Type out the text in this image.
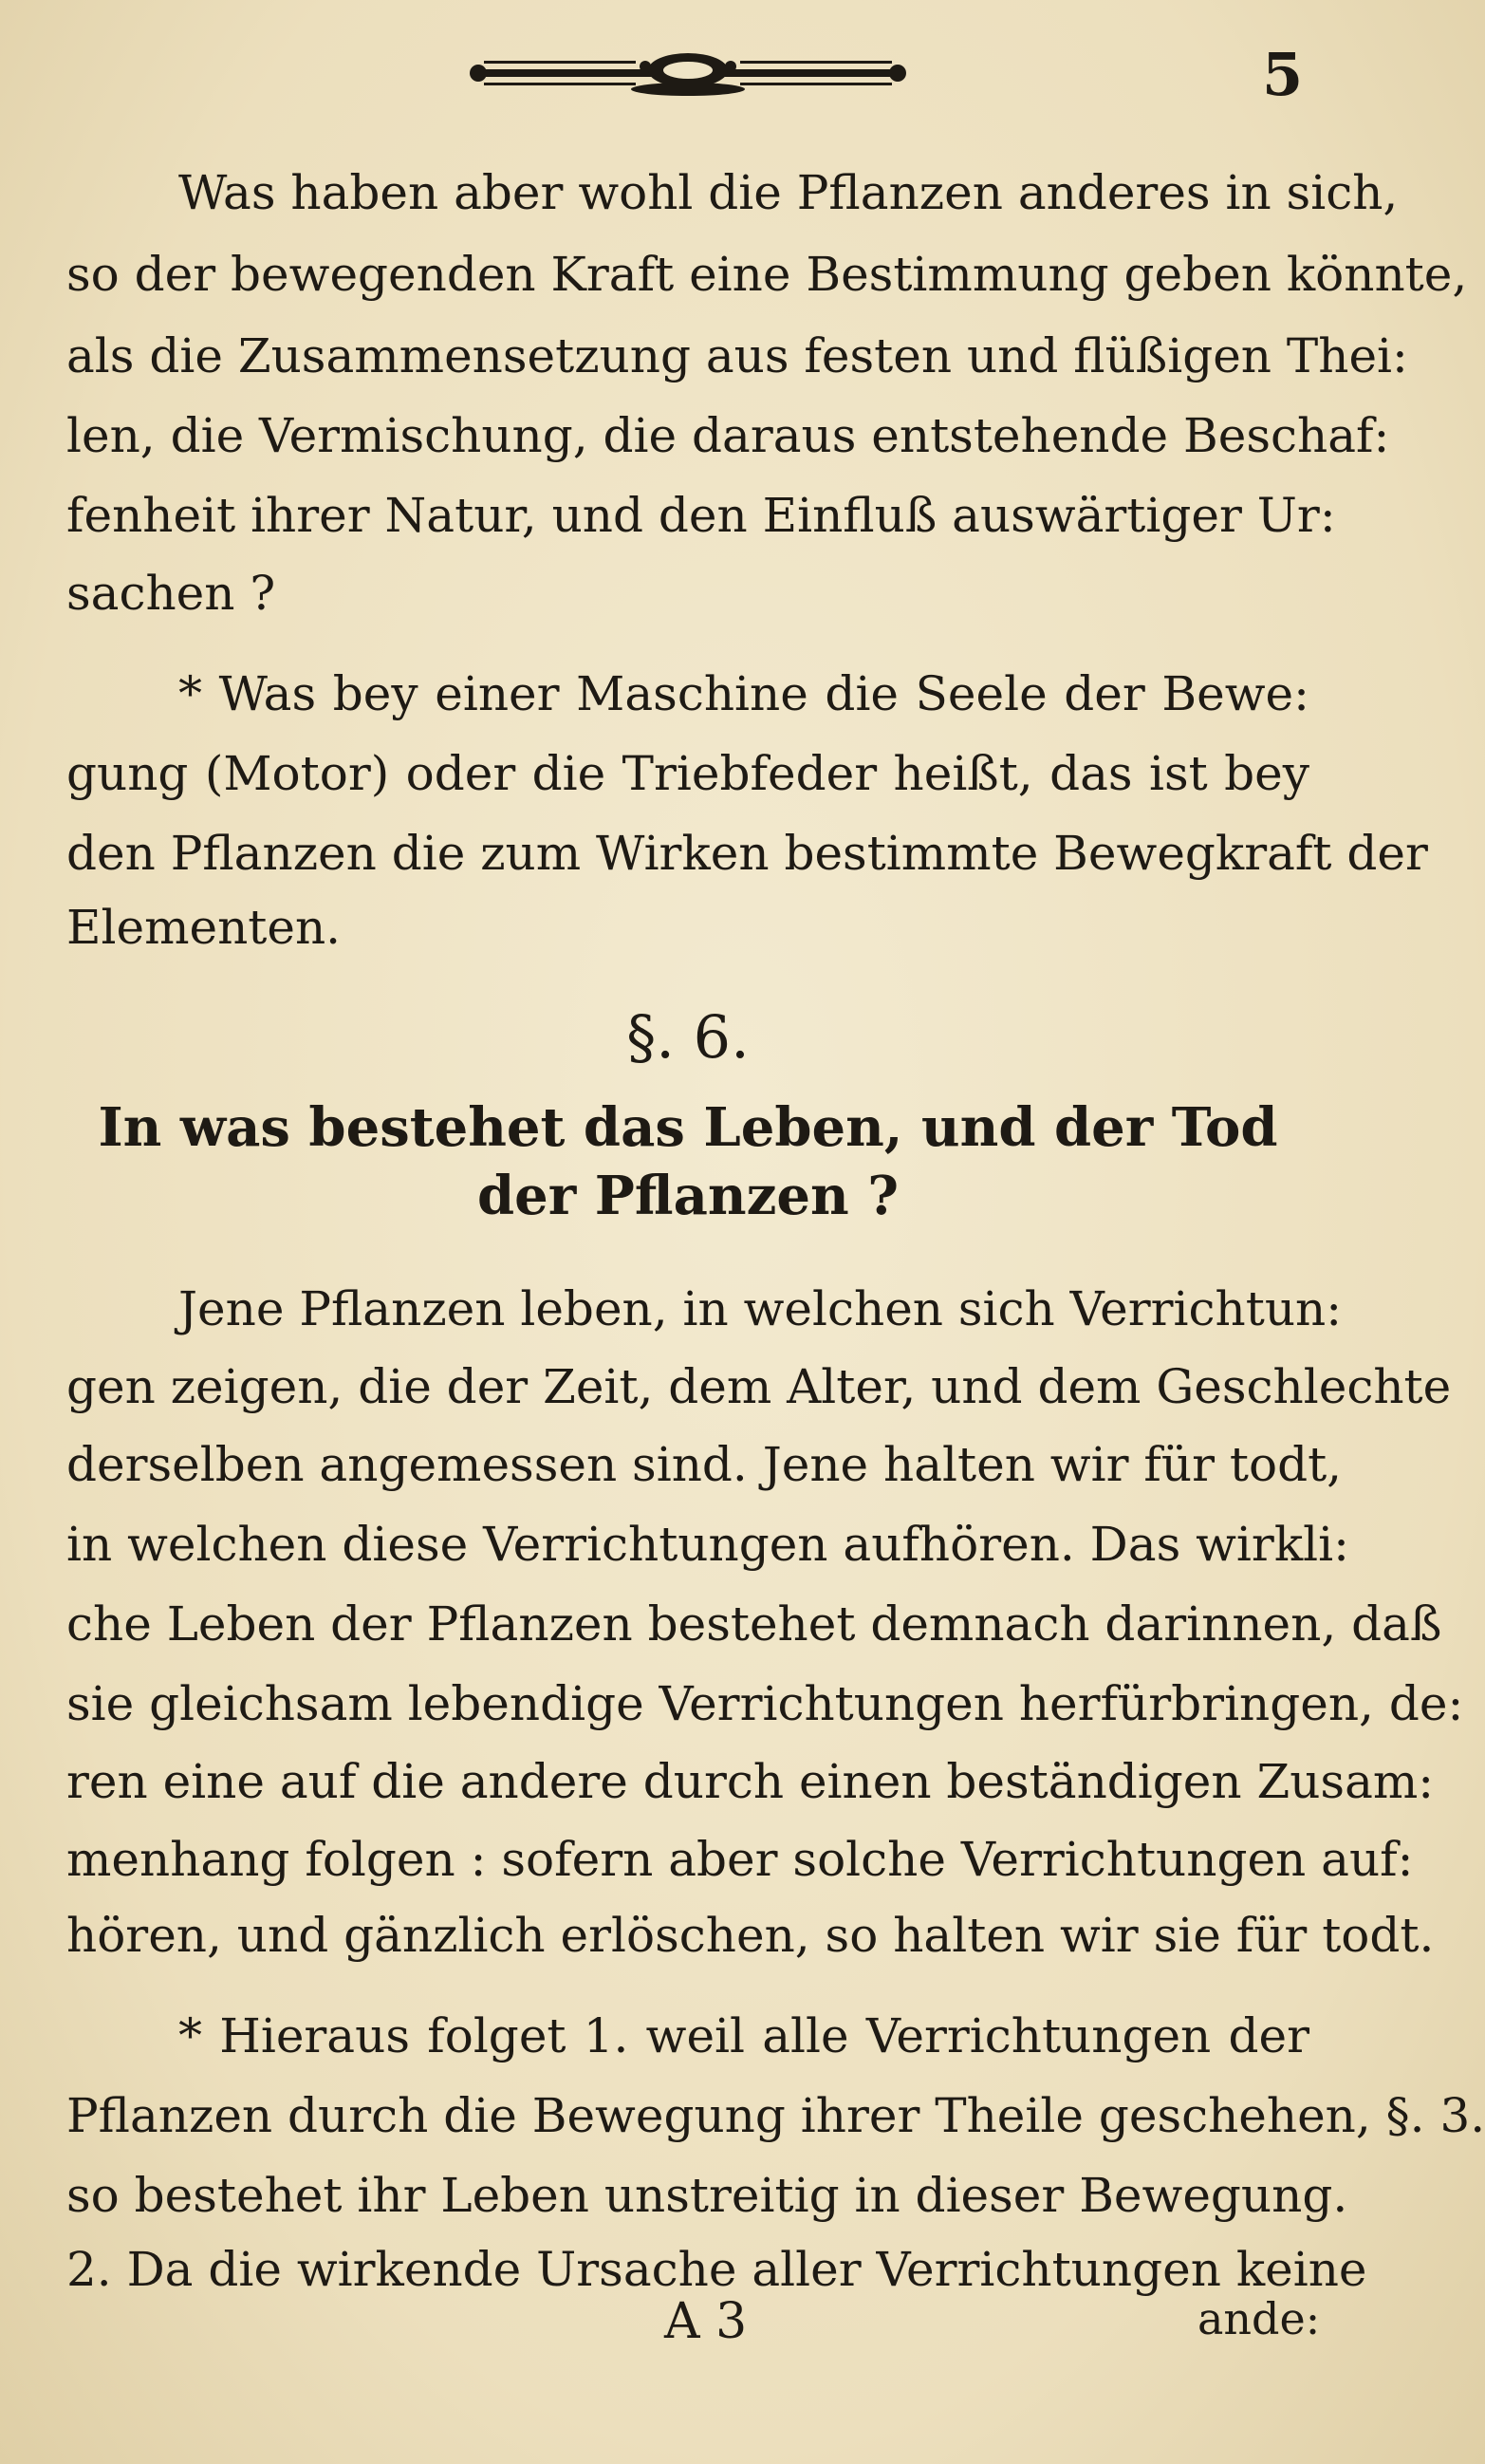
5
Was haben aber wohl die Pflanzen anderes in sich,
so der bewegenden Kraft eine Bestimmung geben könnte,
als die Zusammensetzung aus festen und flüßigen Thei:
len, die Vermischung, die daraus entstehende Beschaf:
fenheit ihrer Natur, und den Einfluß auswärtiger Ur:
sachen ?
* Was bey einer Maschine die Seele der Bewe:
gung (Motor) oder die Triebfeder heißt, das ist bey
den Pflanzen die zum Wirken bestimmte Bewegkraft der
Elementen.
§. 6.
In was bestehet das Leben, und der Tod
der Pflanzen ?
Jene Pflanzen leben, in welchen sich Verrichtun:
gen zeigen, die der Zeit, dem Alter, und dem Geschlechte
derselben angemessen sind. Jene halten wir für todt,
in welchen diese Verrichtungen aufhören. Das wirkli:
che Leben der Pflanzen bestehet demnach darinnen, daß
sie gleichsam lebendige Verrichtungen herfürbringen, de:
ren eine auf die andere durch einen beständigen Zusam:
menhang folgen : sofern aber solche Verrichtungen auf:
hören, und gänzlich erlöschen, so halten wir sie für todt.
* Hieraus folget 1. weil alle Verrichtungen der
Pflanzen durch die Bewegung ihrer Theile geschehen, §. 3.
so bestehet ihr Leben unstreitig in dieser Bewegung.
2. Da die wirkende Ursache aller Verrichtungen keine
A 3	ande:
